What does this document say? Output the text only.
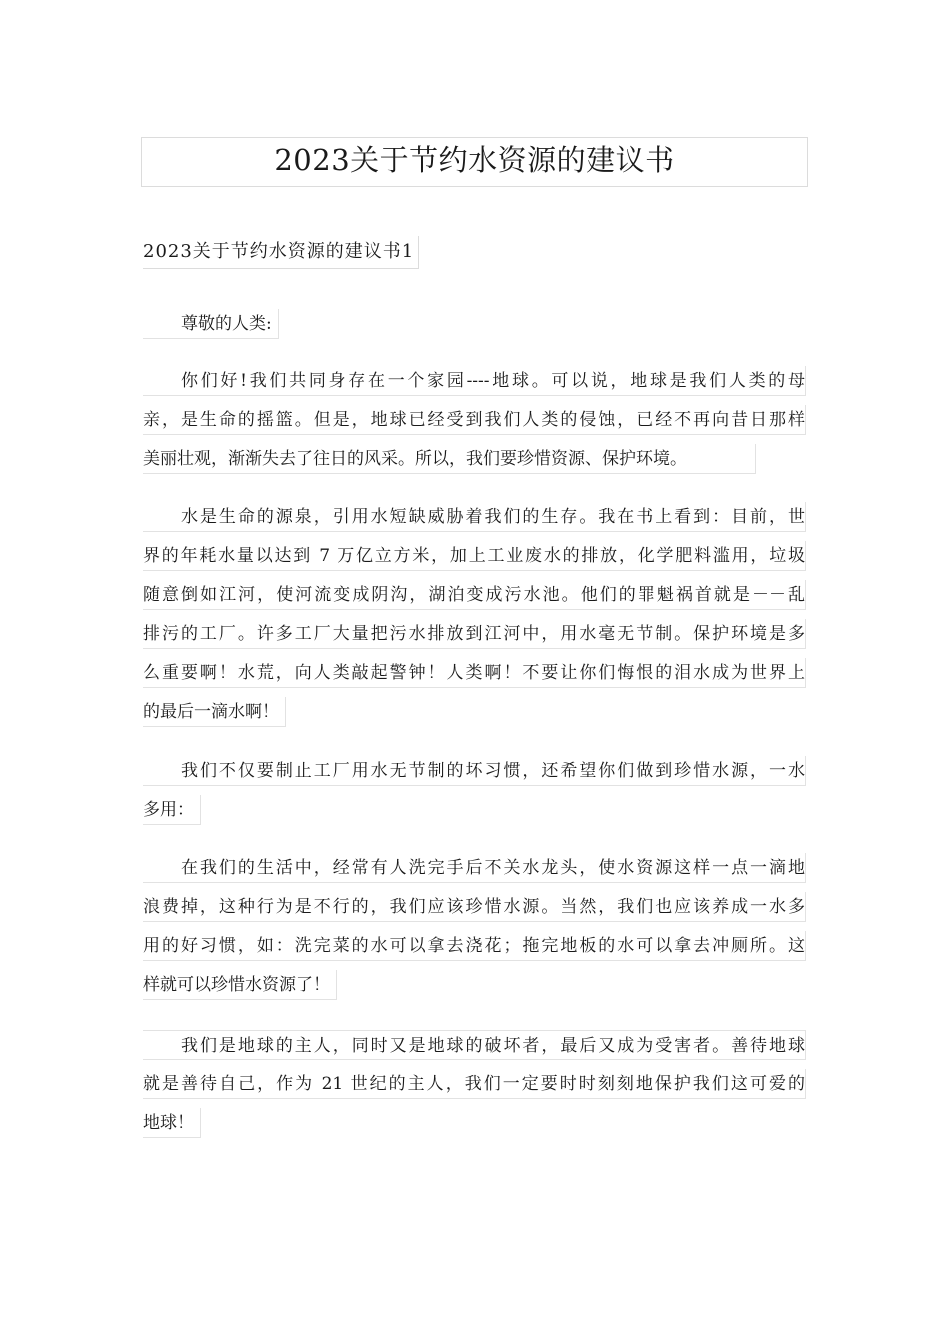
2023关于节约水资源的建议书
2023关于节约水资源的建议书1
尊敬的人类:
你们好!我们共同身存在一个家园----地球。可以说，地球是我们人类的母
亲，是生命的摇篮。但是，地球已经受到我们人类的侵蚀，已经不再向昔日那样
美丽壮观，渐渐失去了往日的风采。所以，我们要珍惜资源、保护环境。
水是生命的源泉，引用水短缺威胁着我们的生存。我在书上看到：目前，世
界的年耗水量以达到 7 万亿立方米，加上工业废水的排放，化学肥料滥用，垃圾
随意倒如江河，使河流变成阴沟，湖泊变成污水池。他们的罪魁祸首就是－－乱
排污的工厂。许多工厂大量把污水排放到江河中，用水毫无节制。保护环境是多
么重要啊！水荒，向人类敲起警钟！人类啊！不要让你们悔恨的泪水成为世界上
的最后一滴水啊！
我们不仅要制止工厂用水无节制的坏习惯，还希望你们做到珍惜水源，一水
多用：
在我们的生活中，经常有人洗完手后不关水龙头，使水资源这样一点一滴地
浪费掉，这种行为是不行的，我们应该珍惜水源。当然，我们也应该养成一水多
用的好习惯，如：洗完菜的水可以拿去浇花；拖完地板的水可以拿去冲厕所。这
样就可以珍惜水资源了！
我们是地球的主人，同时又是地球的破坏者，最后又成为受害者。善待地球
就是善待自己，作为 21 世纪的主人，我们一定要时时刻刻地保护我们这可爱的
地球！
